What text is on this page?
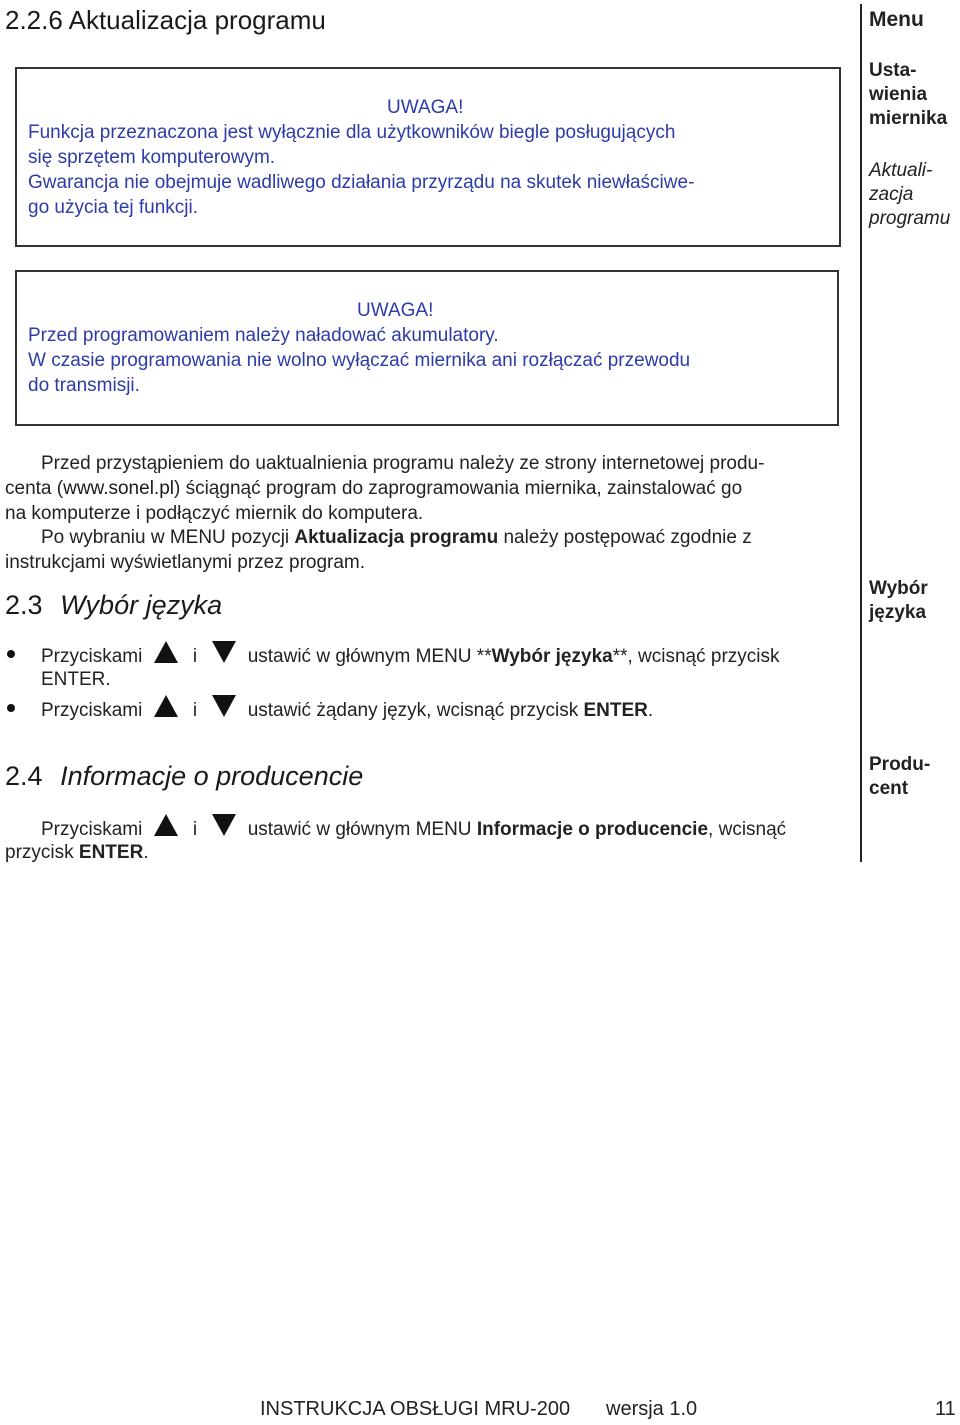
2.2.6 Aktualizacja programu	Menu
Usta-
wienia
miernika
Aktuali-
zacja
programu
Wybór
języka
Produ-
cent
UWAGA!
Funkcja przeznaczona jest wyłącznie dla użytkowników biegle posługujących
się sprzętem komputerowym.
Gwarancja nie obejmuje wadliwego działania przyrządu na skutek niewłaściwe-
go użycia tej funkcji.
UWAGA!
Przed programowaniem należy naładować akumulatory.
W czasie programowania nie wolno wyłączać miernika ani rozłączać przewodu
do transmisji.
Przed przystąpieniem do uaktualnienia programu należy ze strony internetowej produ-
centa (www.sonel.pl) ściągnąć program do zaprogramowania miernika, zainstalować go
na komputerze i podłączyć miernik do komputera.
Po wybraniu w MENU pozycji Aktualizacja programu należy postępować zgodnie z
instrukcjami wyświetlanymi przez program.
2.3 Wybór języka
Przyciskami	i	ustawić w głównym MENU **Wybór języka**, wcisnąć przycisk
ENTER.
Przyciskami	i	ustawić żądany język, wcisnąć przycisk ENTER.
2.4 Informacje o producencie
Przyciskami	i	ustawić w głównym MENU Informacje o producencie, wcisnąć
przycisk ENTER.
INSTRUKCJA OBSŁUGI MRU-200 wersja 1.0	11
